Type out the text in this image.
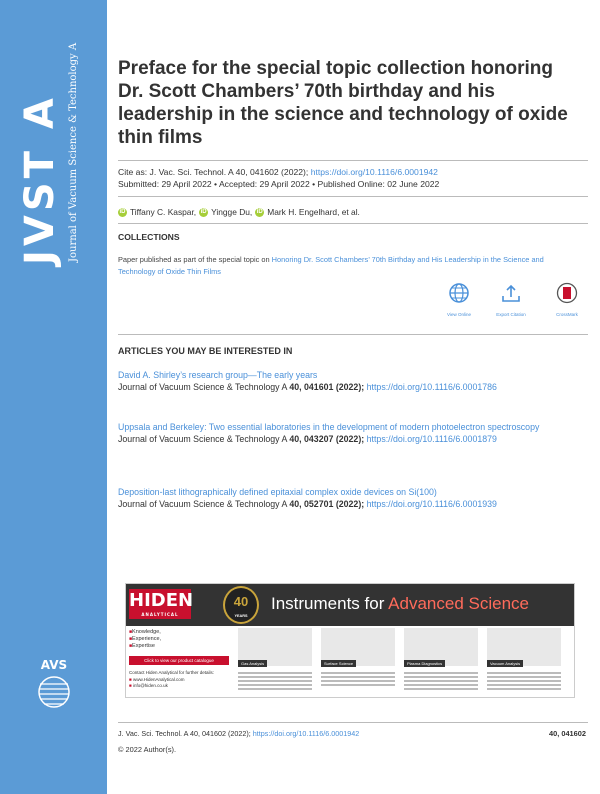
JVST A Journal of Vacuum Science & Technology A
AVS
Preface for the special topic collection honoring Dr. Scott Chambers’ 70th birthday and his leadership in the science and technology of oxide thin films
Cite as: J. Vac. Sci. Technol. A 40, 041602 (2022); https://doi.org/10.1116/6.0001942
Submitted: 29 April 2022 • Accepted: 29 April 2022 • Published Online: 02 June 2022
iD Tiffany C. Kaspar, iD Yingge Du, iD Mark H. Engelhard, et al.
COLLECTIONS
Paper published as part of the special topic on Honoring Dr. Scott Chambers’ 70th Birthday and His Leadership in the Science and Technology of Oxide Thin Films
View Online	Export Citation	CrossMark
ARTICLES YOU MAY BE INTERESTED IN
David A. Shirley’s research group—The early years
Journal of Vacuum Science & Technology A 40, 041601 (2022); https://doi.org/10.1116/6.0001786
Uppsala and Berkeley: Two essential laboratories in the development of modern photoelectron spectroscopy
Journal of Vacuum Science & Technology A 40, 043207 (2022); https://doi.org/10.1116/6.0001879
Deposition-last lithographically defined epitaxial complex oxide devices on Si(100)
Journal of Vacuum Science & Technology A 40, 052701 (2022); https://doi.org/10.1116/6.0001939
HIDEN
ANALYTICAL
40
YEARS
Instruments for Advanced Science
■ Knowledge,
■ Experience,
■ Expertise
Click to view our product catalogue
Contact Hiden Analytical for further details:
■ www.HidenAnalytical.com
■ info@hiden.co.uk
Gas Analysis	Surface Science	Plasma Diagnostics	Vacuum Analysis
J. Vac. Sci. Technol. A 40, 041602 (2022); https://doi.org/10.1116/6.0001942	40, 041602
© 2022 Author(s).
